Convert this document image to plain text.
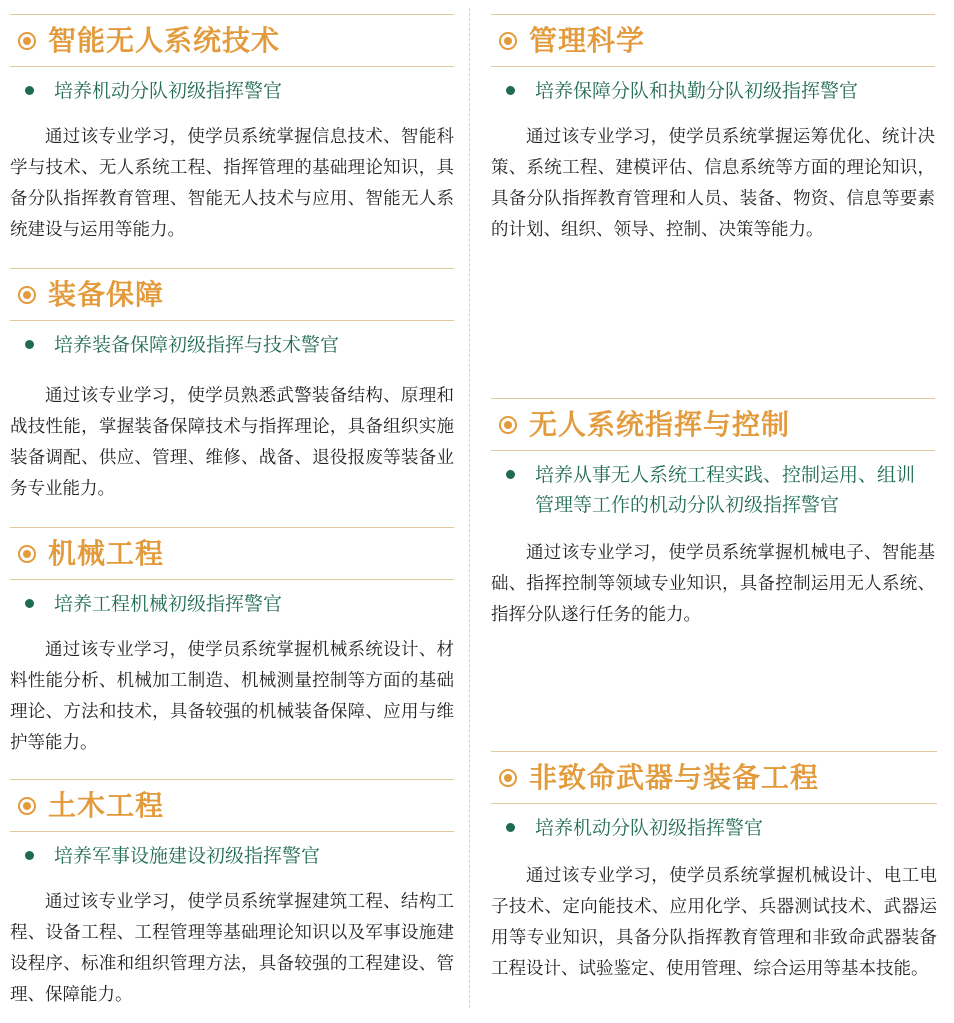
智能无人系统技术
培养机动分队初级指挥警官
通过该专业学习，使学员系统掌握信息技术、智能科学与技术、无人系统工程、指挥管理的基础理论知识，具备分队指挥教育管理、智能无人技术与应用、智能无人系统建设与运用等能力。
装备保障
培养装备保障初级指挥与技术警官
通过该专业学习，使学员熟悉武警装备结构、原理和战技性能，掌握装备保障技术与指挥理论，具备组织实施装备调配、供应、管理、维修、战备、退役报废等装备业务专业能力。
机械工程
培养工程机械初级指挥警官
通过该专业学习，使学员系统掌握机械系统设计、材料性能分析、机械加工制造、机械测量控制等方面的基础理论、方法和技术，具备较强的机械装备保障、应用与维护等能力。
土木工程
培养军事设施建设初级指挥警官
通过该专业学习，使学员系统掌握建筑工程、结构工程、设备工程、工程管理等基础理论知识以及军事设施建设程序、标准和组织管理方法，具备较强的工程建设、管理、保障能力。
管理科学
培养保障分队和执勤分队初级指挥警官
通过该专业学习，使学员系统掌握运筹优化、统计决策、系统工程、建模评估、信息系统等方面的理论知识，具备分队指挥教育管理和人员、装备、物资、信息等要素的计划、组织、领导、控制、决策等能力。
无人系统指挥与控制
培养从事无人系统工程实践、控制运用、组训管理等工作的机动分队初级指挥警官
通过该专业学习，使学员系统掌握机械电子、智能基础、指挥控制等领域专业知识，具备控制运用无人系统、指挥分队遂行任务的能力。
非致命武器与装备工程
培养机动分队初级指挥警官
通过该专业学习，使学员系统掌握机械设计、电工电子技术、定向能技术、应用化学、兵器测试技术、武器运用等专业知识，具备分队指挥教育管理和非致命武器装备工程设计、试验鉴定、使用管理、综合运用等基本技能。
